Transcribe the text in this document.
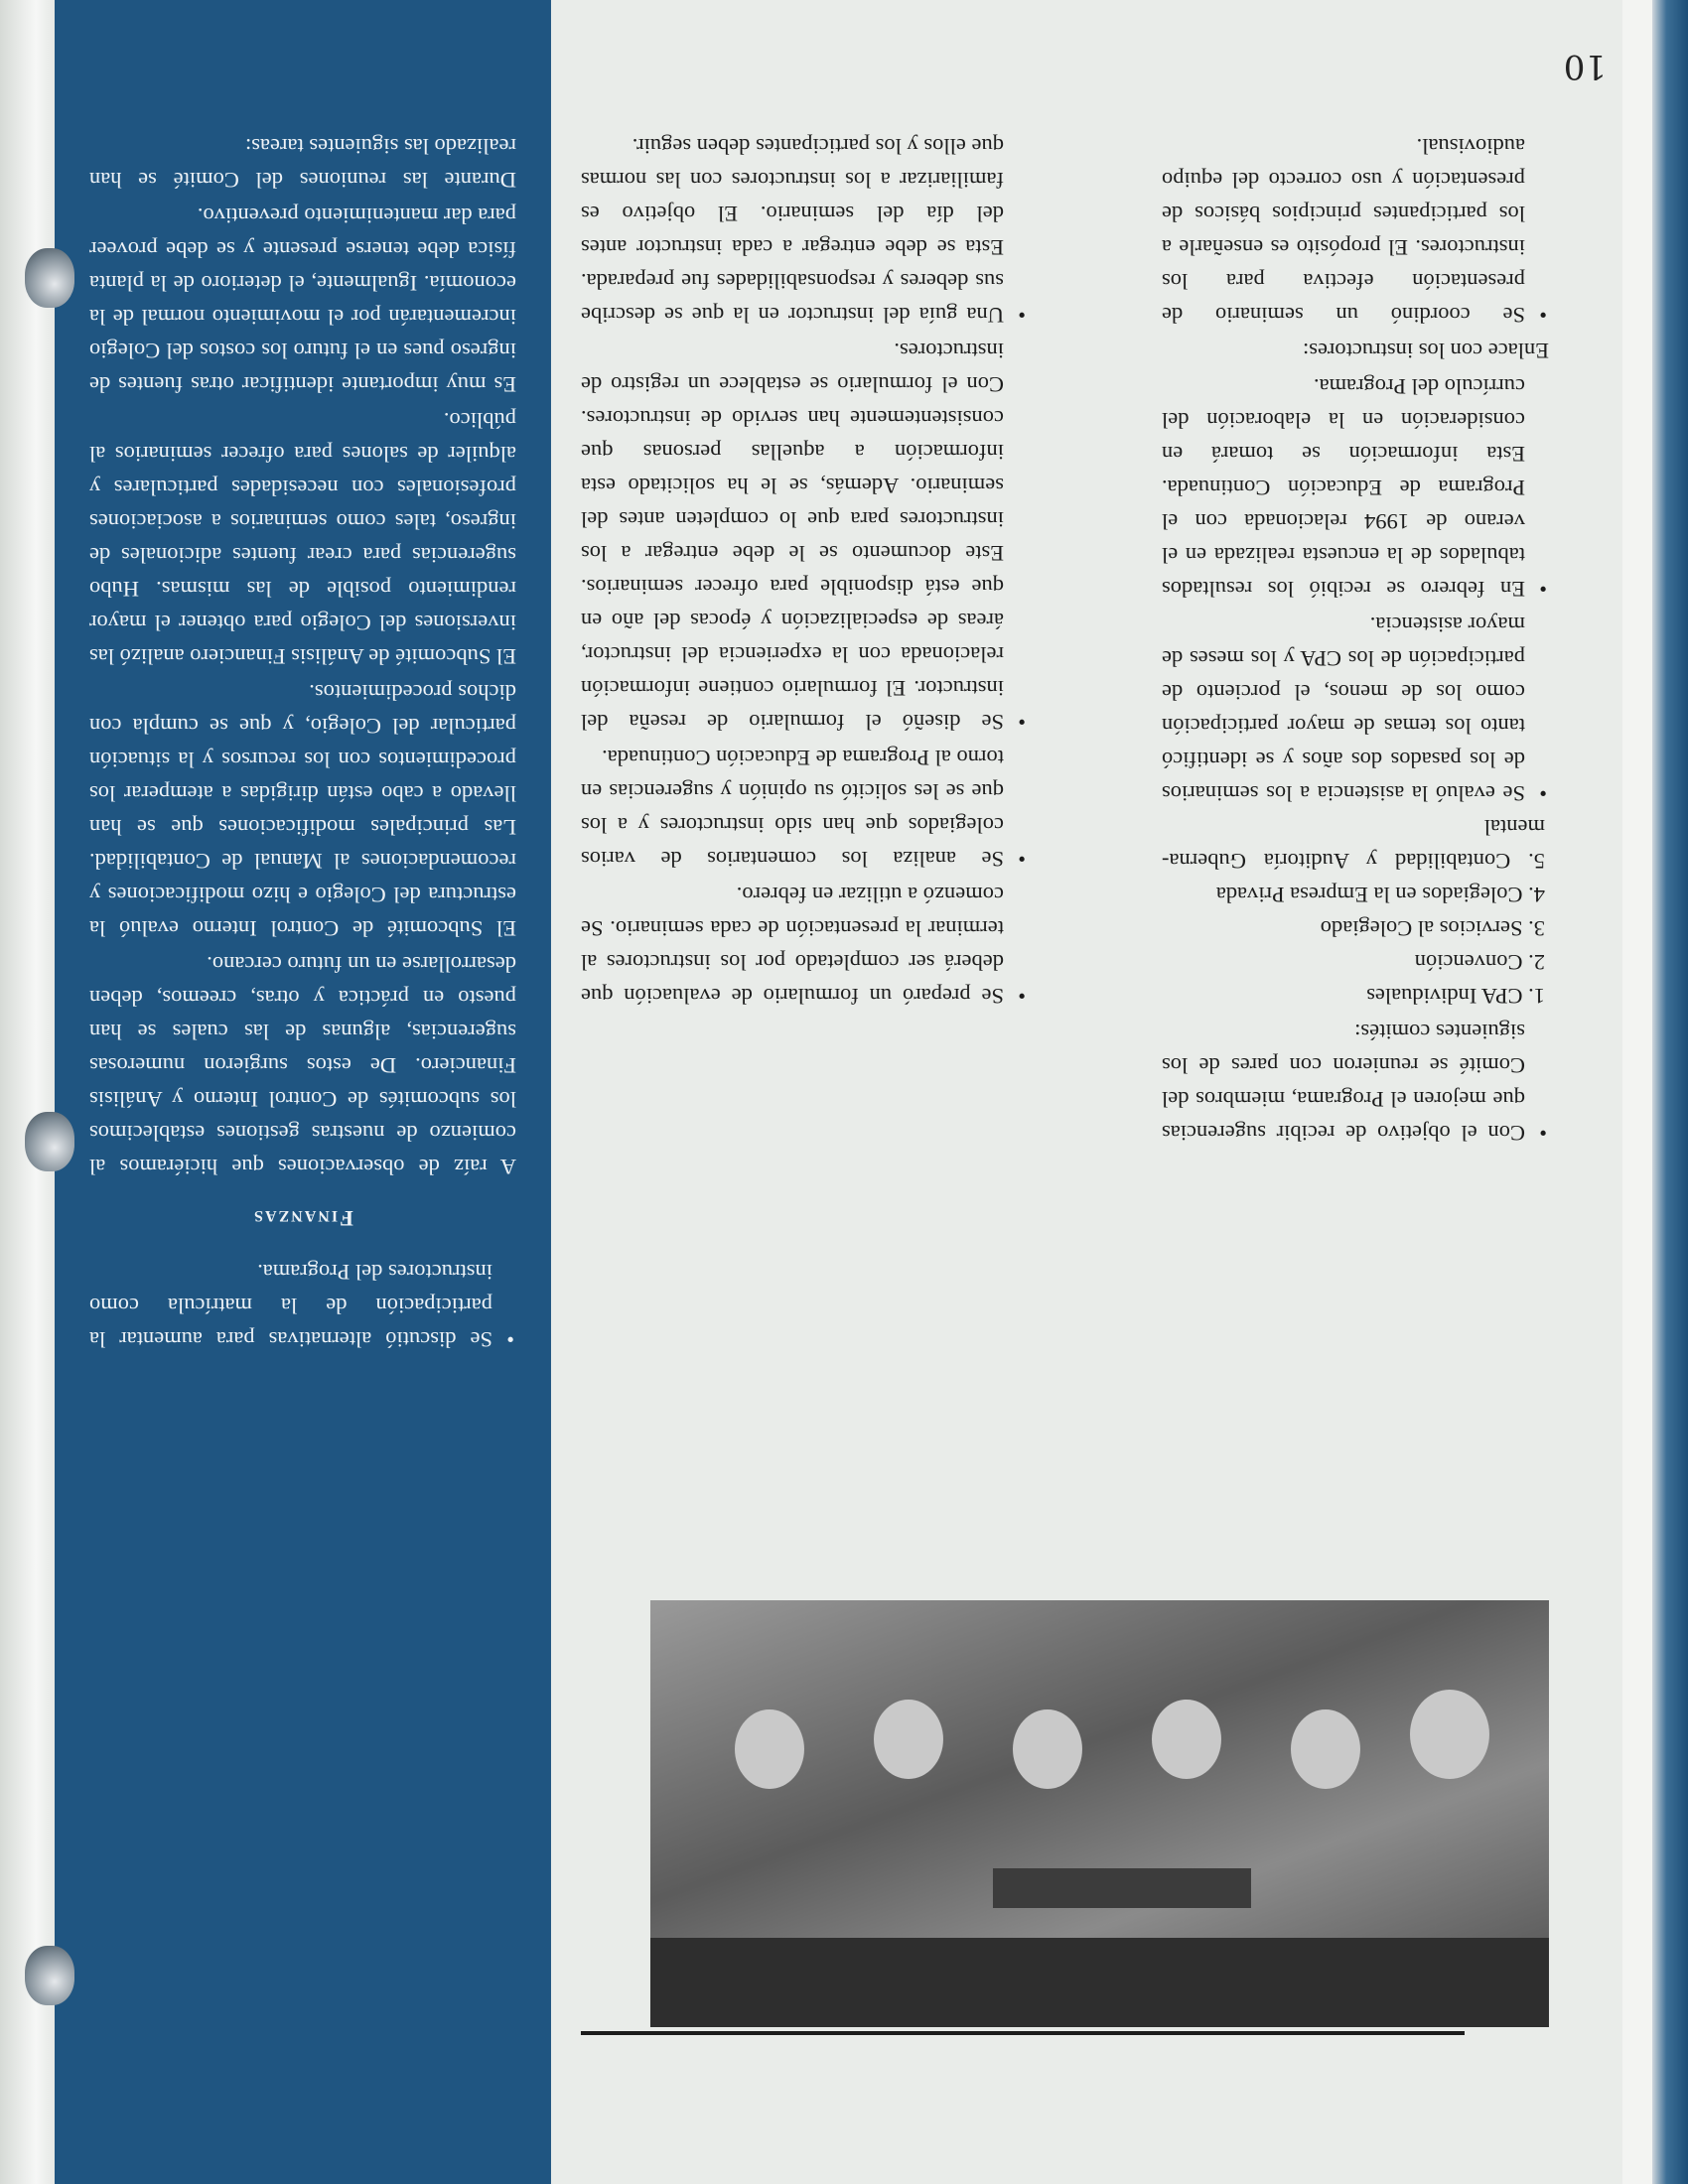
10
• Con el objetivo de recibir sugerencias que mejoren el Programa, miembros del Comité se reunieron con pares de los siguientes comités:
1. CPA Individuales
2. Convención
3. Servicios al Colegiado
4. Colegiados en la Empresa Privada
5. Contabilidad y Auditoría Guberna-mental
• Se evaluó la asistencia a los seminarios de los pasados dos años y se identificó tanto los temas de mayor participación como los de menos, el porciento de participación de los CPA y los meses de mayor asistencia.
• En febrero se recibió los resultados tabulados de la encuesta realizada en el verano de 1994 relacionada con el Programa de Educación Continuada. Esta información se tomará en consideración en la elaboración del currículo del Programa.

Enlace con los instructores:

• Se coordinó un seminario de presentación efectiva para los instructores. El propósito es enseñarle a los participantes principios básicos de presentación y uso correcto del equipo audiovisual.
• Se preparó un formulario de evaluación que deberá ser completado por los instructores al terminar la presentación de cada seminario. Se comenzó a utilizar en febrero.
• Se analiza los comentarios de varios colegiados que han sido instructores y a los que se les solicitó su opinión y sugerencias en torno al Programa de Educación Continuada.
• Se diseñó el formulario de reseña del instructor. El formulario contiene información relacionada con la experiencia del instructor, áreas de especialización y épocas del año en que está disponible para ofrecer seminarios. Este documento se le debe entregar a los instructores para que lo completen antes del seminario. Además, se le ha solicitado esta información a aquellas personas que consistentemente han servido de instructores. Con el formulario se establece un registro de instructores.
• Una guía del instructor en la que se describe sus deberes y responsabilidades fue preparada. Esta se debe entregar a cada instructor antes del día del seminario. El objetivo es familiarizar a los instructores con las normas que ellos y los participantes deben seguir.
• Se discutió alternativas para aumentar la participación de la matrícula como instructores del Programa.
Finanzas

A raíz de observaciones que hiciéramos al comienzo de nuestras gestiones establecimos los subcomités de Control Interno y Análisis Financiero. De estos surgieron numerosas sugerencias, algunas de las cuales se han puesto en práctica y otras, creemos, deben desarrollarse en un futuro cercano.

El Subcomité de Control Interno evaluó la estructura del Colegio e hizo modificaciones y recomendaciones al Manual de Contabilidad. Las principales modificaciones que se han llevado a cabo están dirigidas a atemperar los procedimientos con los recursos y la situación particular del Colegio, y que se cumpla con dichos procedimientos.

El Subcomité de Análisis Financiero analizó las inversiones del Colegio para obtener el mayor rendimiento posible de las mismas. Hubo sugerencias para crear fuentes adicionales de ingreso, tales como seminarios a asociaciones profesionales con necesidades particulares y alquiler de salones para ofrecer seminarios al público.

Es muy importante identificar otras fuentes de ingreso pues en el futuro los costos del Colegio incrementarán por el movimiento normal de la economía. Igualmente, el deterioro de la planta física debe tenerse presente y se debe proveer para dar mantenimiento preventivo.

Durante las reuniones del Comité se han realizado las siguientes tareas:
